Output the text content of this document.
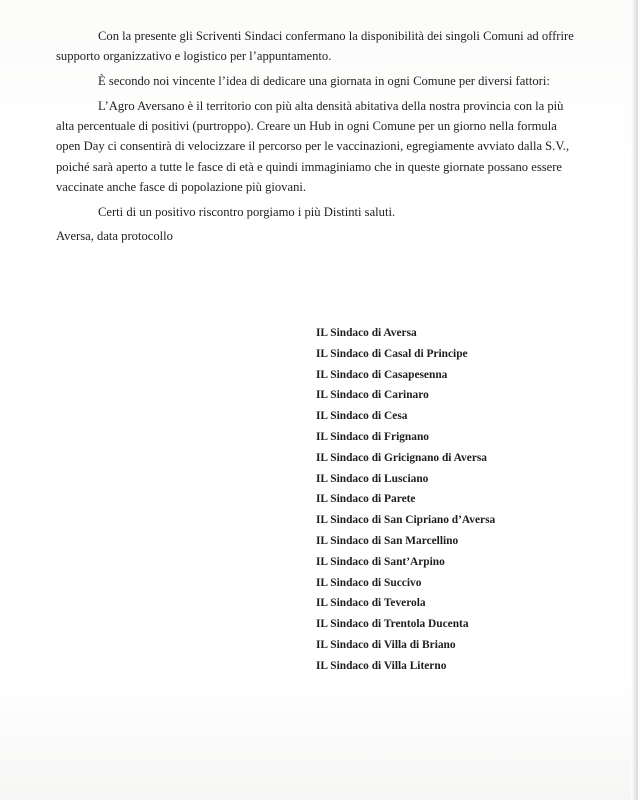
Con la presente gli Scriventi Sindaci confermano la disponibilità dei singoli Comuni ad offrire
supporto organizzativo e logistico per l’appuntamento.

È secondo noi vincente l’idea di dedicare una giornata in ogni Comune per diversi fattori:

L’Agro Aversano è il territorio con più alta densità abitativa della nostra provincia con la più
alta percentuale di positivi (purtroppo). Creare un Hub in ogni Comune per un giorno nella formula
open Day ci consentirà di velocizzare il percorso per le vaccinazioni, egregiamente avviato dalla S.V.,
poiché sarà aperto a tutte le fasce di età e quindi immaginiamo che in queste giornate possano essere
vaccinate anche fasce di popolazione più giovani.

Certi di un positivo riscontro porgiamo i più Distinti saluti.

Aversa, data protocollo

IL Sindaco di Aversa
IL Sindaco di Casal di Principe
IL Sindaco di Casapesenna
IL Sindaco di Carinaro
IL Sindaco di Cesa
IL Sindaco di Frignano
IL Sindaco di Gricignano di Aversa
IL Sindaco di Lusciano
IL Sindaco di Parete
IL Sindaco di San Cipriano d’Aversa
IL Sindaco di San Marcellino
IL Sindaco di Sant’Arpino
IL Sindaco di Succivo
IL Sindaco di Teverola
IL Sindaco di Trentola Ducenta
IL Sindaco di Villa di Briano
IL Sindaco di Villa Literno
